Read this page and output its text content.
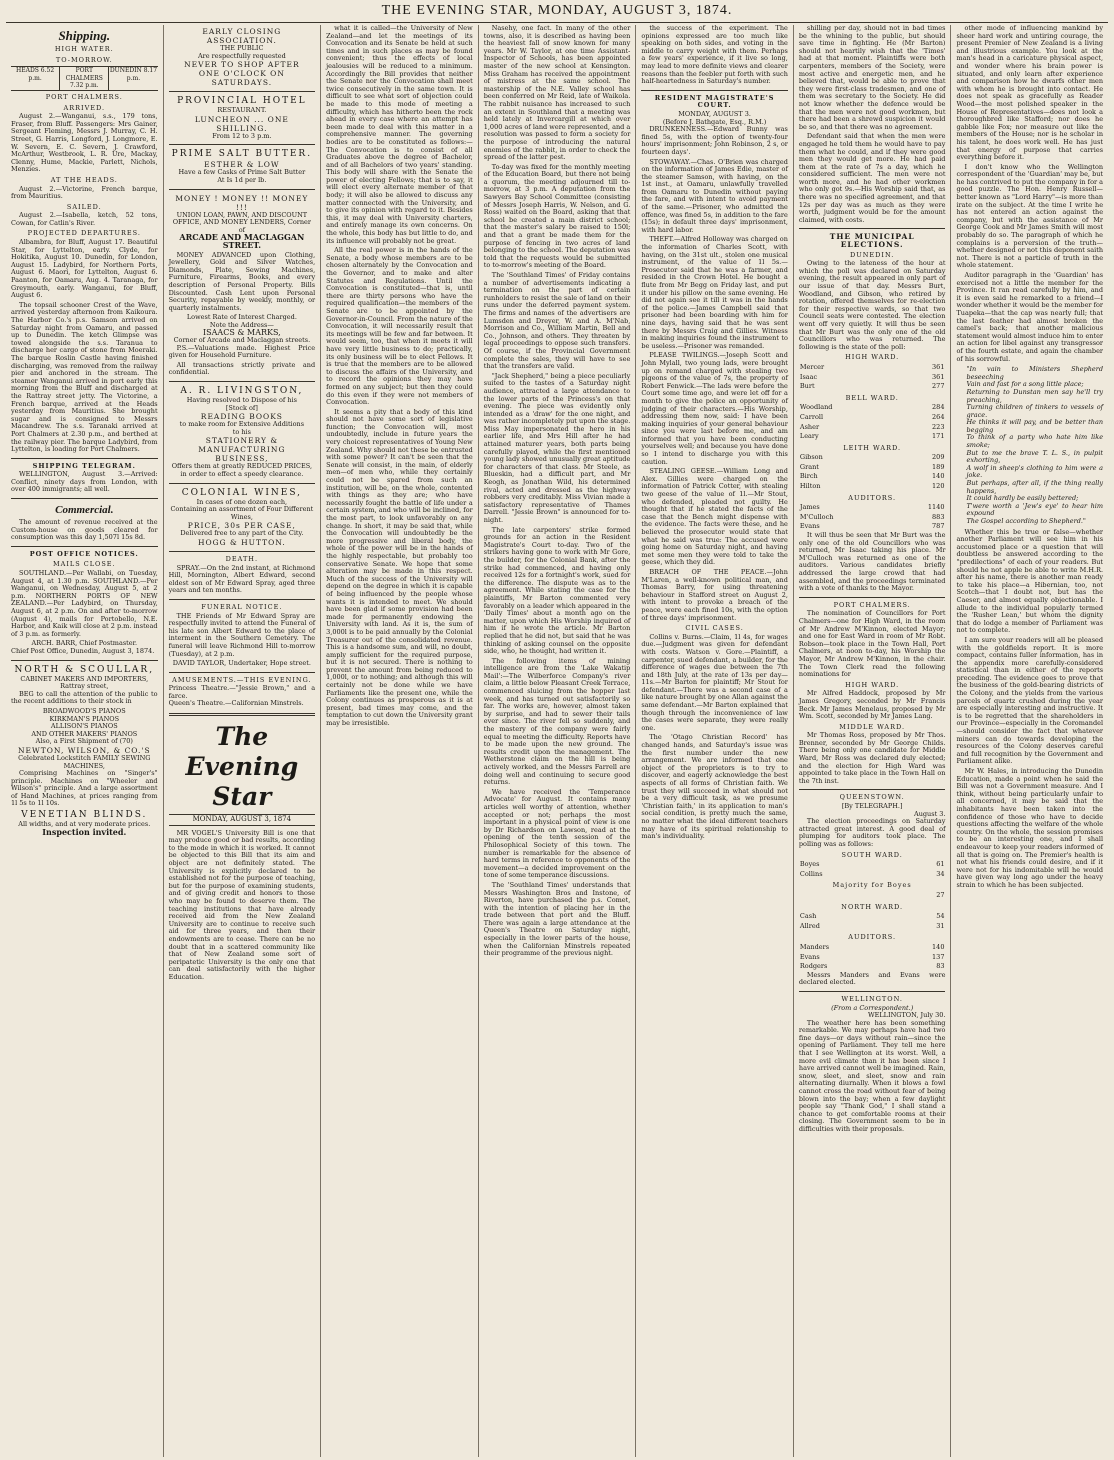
THE EVENING STAR, MONDAY, AUGUST 3, 1874.
Shipping.
HIGH WATER.
TO-MORROW.
HEADS 6.52 p.m.
PORT CHALMERS 7.32 p.m.
DUNEDIN 8.17 p.m.
PORT CHALMERS.
ARRIVED.

August 2.—Wanganui, s.s., 179 tons, Fraser, from Bluff. Passengers: Mrs Gainer, Sergeant Fleming, Messrs J. Murray, C. H. Street, G. Harris, Longford, J. Longmore, E. W. Severn, E. C. Severn, J. Crawford, McArthur, Westbrook, L. R. Ure, Mackay, Clenny, Hume, Mackie, Parlett, Nichols, Menzies.

AT THE HEADS.

August 2.—Victorine, French barque, from Mauritius.

SAILED.

August 2.—Isabella, ketch, 52 tons, Cowan, for Catlin's River.

PROJECTED DEPARTURES.

Albambra, for Bluff, August 17. Beautiful Star, for Lyttelton, early. Clyde, for Hokitika, August 10. Dunedin, for London, August 15. Ladybird, for Northern Ports, August 6. Maori, for Lyttelton, August 6. Paanton, for Oamaru, Aug. 4. Taranaga, for Greymouth, early. Wanganui, for Bluff, August 6.

The topsail schooner Crest of the Wave, arrived yesterday afternoon from Kaikoura. The Harbor Co.'s p.s. Samson arrived on Saturday night from Oamaru, and passed up to Dunedin. The ketch Glimpse was towed alongside the s.s. Taranua to discharge her cargo of stone from Moeraki. The barque Roslin Castle having finished discharging, was removed from the railway pier and anchored in the stream. The steamer Wanganui arrived in port early this morning from the Bluff and discharged at the Rattray street jetty. The Victorine, a French barque, arrived at the Heads yesterday from Mauritius. She brought sugar and is consigned to Messrs Macandrew. The s.s. Taranaki arrived at Port Chalmers at 2.30 p.m., and berthed at the railway pier. The barque Ladybird, from Lyttelton, is loading for Port Chalmers.

SHIPPING TELEGRAM.

WELLINGTON, August 3.—Arrived: Conflict, ninety days from London, with over 400 immigrants; all well.

Commercial.

The amount of revenue received at the Custom-house on goods cleared for consumption was this day 1,507l 15s 8d.

POST OFFICE NOTICES.
MAILS CLOSE.

SOUTHLAND.—Per Wallabi, on Tuesday, August 4, at 1.30 p.m. SOUTHLAND.—Per Wanganui, on Wednesday, August 5, at 2 p.m. NORTHERN PORTS OF NEW ZEALAND.—Per Ladybird, on Thursday, August 6, at 2 p.m. On and after to-morrow (August 4), mails for Portobello, N.E. Harbor, and Kaik will close at 2 p.m. instead of 3 p.m. as formerly.

ARCH. BARR, Chief Postmaster.
Chief Post Office, Dunedin, August 3, 1874.
NORTH & SCOULLAR,
CABINET MAKERS AND IMPORTERS, Rattray street,

BEG to call the attention of the public to the recent additions to their stock in

BROADWOOD'S PIANOS
KIRKMAN'S PIANOS
ALLISON'S PIANOS
AND OTHER MAKERS' PIANOS
Also, a First Shipment of (70)
NEWTON, WILSON, & CO.'S
Celebrated Lockstitch FAMILY SEWING MACHINES,

Comprising Machines on "Singer's" principle. Machines on "Wheeler and Wilson's" principle. And a large assortment of Hand Machines, at prices ranging from 1l 5s to 1l 10s.

VENETIAN BLINDS.
All widths, and at very moderate prices.
Inspection invited.
EARLY CLOSING ASSOCIATION.
THE PUBLIC
Are respectfully requested
NEVER TO SHOP AFTER
ONE O'CLOCK ON SATURDAYS.
PROVINCIAL HOTEL
RESTAURANT.
LUNCHEON ... ONE SHILLING.
From 12 to 3 p.m.
PRIME SALT BUTTER.
ESTHER & LOW
Have a few Casks of Prime Salt Butter
At Is 1d per lb.
MONEY ! MONEY !! MONEY !!!
UNION LOAN, PAWN, AND DISCOUNT OFFICE, AND MONEY LENDERS, Corner of
ARCADE AND MACLAGGAN STREET.

MONEY ADVANCED upon Clothing, Jewellery, Gold and Silver Watches, Diamonds, Plate, Sewing Machines, Furniture, Firearms, Books, and every description of Personal Property. Bills Discounted. Cash Lent upon Personal Security, repayable by weekly, monthly, or quarterly instalments.

Lowest Rate of Interest Charged.
Note the Address—
ISAACS & MARKS,
Corner of Arcade and Maclaggan streets.

P.S.—Valuations made. Highest Price given for Household Furniture.

All transactions strictly private and confidential.

A. R. LIVINGSTON,
Having resolved to Dispose of his
[Stock of]
READING BOOKS
to make room for Extensive Additions
to his
STATIONERY & MANUFACTURING
BUSINESS,
Offers them at greatly REDUCED PRICES,
in order to effect a speedy clearance.
COLONIAL WINES,
In cases of one dozen each,
Containing an assortment of Four Different Wines,
PRICE, 30s PER CASE,
Delivered free to any part of the City.
HOGG & HUTTON.
DEATH.

SPRAY.—On the 2nd instant, at Richmond Hill, Mornington, Albert Edward, second eldest son of Mr Edward Spray, aged three years and ten months.

FUNERAL NOTICE.

THE Friends of Mr Edward Spray are respectfully invited to attend the Funeral of his late son Albert Edward to the place of interment in the Southern Cemetery. The funeral will leave Richmond Hill to-morrow (Tuesday), at 2 p.m.

DAVID TAYLOR, Undertaker, Hope street.
AMUSEMENTS.—THIS EVENING.
Princess Theatre.—"Jessie Brown," and a farce.
Queen's Theatre.—Californian Minstrels.
The Evening Star
MONDAY, AUGUST 3, 1874

MR VOGEL'S University Bill is one that may produce good or bad results, according to the mode in which it is worked. It cannot be objected to this Bill that its aim and object are not definitely stated. The University is explicitly declared to be established not for the purpose of teaching, but for the purpose of examining students, and of giving credit and honors to those who may be found to deserve them. The teaching institutions that have already received aid from the New Zealand University are to continue to receive such aid for three years, and then their endowments are to cease. There can be no doubt that in a scattered community like that of New Zealand some sort of peripatetic University is the only one that can deal satisfactorily with the higher Education.

what it is called—the University of New Zealand—and let the meetings of its Convocation and its Senate be held at such times and in such places as may be found convenient; thus the effects of local jealousies will be reduced to a minimum. Accordingly the Bill provides that neither the Senate nor the Convocation shall meet twice consecutively in the same town. It is difficult to see what sort of objection could be made to this mode of meeting a difficulty, which has hitherto been the rock ahead in every case where an attempt has been made to deal with this matter in a comprehensive manner. The governing bodies are to be constituted as follows:—The Convocation is to consist of all Graduates above the degree of Bachelor, and of all Bachelors of two years' standing. This body will share with the Senate the power of electing Fellows; that is to say, it will elect every alternate member of that body; it will also be allowed to discuss any matter connected with the University, and to give its opinion with regard to it. Besides this, it may deal with University charters, and entirely manage its own concerns. On the whole, this body has but little to do, and its influence will probably not be great.

All the real power is in the hands of the Senate, a body whose members are to be chosen alternately by the Convocation and the Governor, and to make and alter Statutes and Regulations. Until the Convocation is constituted—that is, until there are thirty persons who have the required qualification—the members of the Senate are to be appointed by the Governor-in-Council. From the nature of the Convocation, it will necessarily result that its meetings will be few and far between. It would seem, too, that when it meets it will have very little business to do; practically, its only business will be to elect Fellows. It is true that the members are to be allowed to discuss the affairs of the University, and to record the opinions they may have formed on any subject; but then they could do this even if they were not members of Convocation.

It seems a pity that a body of this kind should not have some sort of legislative function; the Convocation will, most undoubtedly, include in future years the very choicest representatives of Young New Zealand. Why should not these be entrusted with some power? It can't be seen that the Senate will consist, in the main, of elderly men—of men who, while they certainly could not be spared from such an institution, will be, on the whole, contented with things as they are; who have necessarily fought the battle of life under a certain system, and who will be inclined, for the most part, to look unfavorably on any change. In short, it may be said that, while the Convocation will undoubtedly be the more progressive and liberal body, the whole of the power will be in the hands of the highly respectable, but probably too conservative Senate. We hope that some alteration may be made in this respect. Much of the success of the University will depend on the degree in which it is capable of being influenced by the people whose wants it is intended to meet. We should have been glad if some provision had been made for permanently endowing the University with land. As it is, the sum of 3,000l is to be paid annually by the Colonial Treasurer out of the consolidated revenue. This is a handsome sum, and will, no doubt, amply sufficient for the required purpose, but it is not secured. There is nothing to prevent the amount from being reduced to 1,000l, or to nothing; and although this will certainly not be done while we have Parliaments like the present one, while the Colony continues as prosperous as it is at present, bad times may come, and the temptation to cut down the University grant may be irresistible.

Nasehy, one fact. In many of the other towns, also, it is described as having been the heaviest fall of snow known for many years. Mr W. Taylor, at one time Assistant-Inspector of Schools, has been appointed master of the new school at Kensington. Miss Graham has received the appointment of mistress at the same school. The mastership of the N.E. Valley school has been conferred on Mr Reid, late of Waikola. The rabbit nuisance has increased to such an extent in Southland that a meeting was held lately at Invercargill at which over 1,000 acres of land were represented, and a resolution was passed to form a society for the purpose of introducing the natural enemies of the rabbit, in order to check the spread of the latter pest.

To-day was fixed for the monthly meeting of the Education Board, but there not being a quorum, the meeting adjourned till to-morrow, at 3 p.m. A deputation from the Sawyers Bay School Committee (consisting of Messrs Joseph Harris, W. Nelson, and G. Ross) waited on the Board, asking that that school be created a main district school; that the master's salary be raised to 150l; and that a grant be made them for the purpose of fencing in two acres of land belonging to the school. The deputation was told that the requests would be submitted to to-morrow's meeting of the Board.

The 'Southland Times' of Friday contains a number of advertisements indicating a termination on the part of certain runholders to resist the sale of land on their runs under the deferred payment system. The firms and names of the advertisers are Lumsden and Dreyer, W. and A. M'Nab, Morrison and Co., William Martin, Bell and Co., Johnson, and others. They threaten by legal proceedings to oppose such transfers. Of course, if the Provincial Government complete the sales, they will have to see that the transfers are valid.

"Jack Shepherd," being a piece peculiarly suited to the tastes of a Saturday night audience, attracted a large attendance to the lower parts of the Princess's on that evening. The piece was evidently only intended as a 'draw' for the one night, and was rather incompletely put upon the stage. Miss May impersonated the hero in his earlier life, and Mrs Hill after he had attained maturer years, both parts being carefully played, while the first mentioned young lady showed unusually great aptitude for characters of that class. Mr Steele, as Blueskin, had a difficult part, and Mr Keogh, as Jonathan Wild, his determined rival, acted and dressed as the highway robbers very creditably. Miss Vivian made a satisfactory representative of Thames Darrell. "Jessie Brown" is announced for to-night.

The late carpenters' strike formed grounds for an action in the Resident Magistrate's Court to-day. Two of the strikers having gone to work with Mr Gore, the builder, for the Colonial Bank, after the strike had commenced, and having only received 12s for a fortnight's work, sued for the difference. The dispute was as to the agreement. While stating the case for the plaintiffs, Mr Barton commented very favorably on a leader which appeared in the 'Daily Times' about a month ago on the matter, upon which His Worship inquired of him if he wrote the article. Mr Barton replied that he did not, but said that he was thinking of asking counsel on the opposite side, who, he thought, had written it.

The following items of mining intelligence are from the 'Lake Wakatip Mail':—The Wilberforce Company's river claim, a little below Pleasant Creek Terrace, commenced sluicing from the hopper last week, and has turned out satisfactorily so far. The works are, however, almost taken by surprise, and had to sewer their tails ever since. The river fell so suddenly, and the mastery of the company were fairly equal to meeting the difficulty. Reports have to be made upon the new ground. The results credit upon the management. The Wetherstone claim on the hill is being actively worked, and the Messrs Farrell are doing well and continuing to secure good returns.

We have received the 'Temperance Advocate' for August. It contains many articles well worthy of attention, whether accepted or not; perhaps the most important in a physical point of view is one by Dr Richardson on Lawson, read at the opening of the tenth session of the Philosophical Society of this town. The number is remarkable for the absence of hard terms in reference to opponents of the movement—a decided improvement on the tone of some temperance discussions.

The 'Southland Times' understands that Messrs Washington Bros and Instone, of Riverton, have purchased the p.s. Comet, with the intention of placing her in the trade between that port and the Bluff. There was again a large attendance at the Queen's Theatre on Saturday night, especially in the lower parts of the house, when the Californian Minstrels repeated their programme of the previous night.

the success of the experiment. The opinions expressed are too much like speaking on both sides, and voting in the middle to carry weight with them. Perhaps a few years' experience, if it live so long, may lead to more definite views and clearer reasons than the feebler put forth with such half-heartedness in Saturday's number.

RESIDENT MAGISTRATE'S COURT.
MONDAY, AUGUST 3.
(Before J. Bathgate, Esq., R.M.)

DRUNKENNESS.—Edward Bunny was fined 5s, with the option of twenty-four hours' imprisonment; John Robinson, 2 s, or fourteen days'.

STOWAWAY.—Chas. O'Brien was charged on the information of James Edie, master of the steamer Samson, with having, on the 1st inst., at Oamaru, unlawfully travelled from Oamaru to Dunedin without paying the fare, and with intent to avoid payment of the same.—Prisoner, who admitted the offence, was fined 5s, in addition to the fare (15s); in default three days' imprisonment, with hard labor.

THEFT.—Alfred Holloway was charged on the information of Charles Scott, with having, on the 31st ult., stolen one musical instrument, of the value of 1l 5s.—Prosecutor said that he was a farmer, and resided in the Crown Hotel. He bought a flute from Mr Begg on Friday last, and put it under his pillow on the same evening. He did not again see it till it was in the hands of the police.—James Campbell said that prisoner had been boarding with him for nine days, having said that he was sent there by Messrs Craig and Gillies. Witness in making inquiries found the instrument to be useless.—Prisoner was remanded.

PLEASE TWILINGS.—Joseph Scott and John Mylall, two young lads, were brought up on remand charged with stealing two pigeons of the value of 7s, the property of Robert Fenwick.—The lads were before the Court some time ago, and were let off for a month to give the police an opportunity of judging of their characters.—His Worship, addressing them now, said: I have been making inquiries of your general behaviour since you were last before me, and am informed that you have been conducting yourselves well; and because you have done so I intend to discharge you with this caution.

STEALING GEESE.—William Long and Alex. Gillies were charged on the information of Patrick Cotter, with stealing two geese of the value of 1l.—Mr Stout, who defended, pleaded not guilty. He thought that if he stated the facts of the case that the Bench might dispense with the evidence. The facts were these, and he believed the prosecutor would state that what he said was true: The accused were going home on Saturday night, and having met some men they were told to take the geese, which they did.

BREACH OF THE PEACE.—John M'Laren, a well-known political man, and Thomas Barry, for using threatening behaviour in Stafford street on August 2, with intent to provoke a breach of the peace, were each fined 10s, with the option of three days' imprisonment.

CIVIL CASES.

Collins v. Burns.—Claim, 1l 4s, for wages due.—Judgment was given for defendant with costs. Watson v. Gore.—Plaintiff, a carpenter, sued defendant, a builder, for the difference of wages due between the 7th and 18th July, at the rate of 13s per day—11s.—Mr Barton for plaintiff; Mr Stout for defendant.—There was a second case of a like nature brought by one Allan against the same defendant.—Mr Barton explained that though through the inconvenience of law the cases were separate, they were really one.

The 'Otago Christian Record' has changed hands, and Saturday's issue was the first number under the new arrangement. We are informed that one object of the proprietors is to try to discover, and eagerly acknowledge the best aspects of all forms of Christian faith. We trust they will succeed in what should not be a very difficult task, as we presume 'Christian faith,' in its application to man's social condition, is pretty much the same, no matter what the ideal different teachers may have of its spiritual relationship to man's individuality.

shilling per day, should not in bad times be the whining to the public, but should save time in fighting. He (Mr Barton) should not heartily wish that the 'Times' had at that moment. Plaintiffs were both carpenters, members of the Society, were most active and energetic men, and he believed that, would be able to prove that they were first-class tradesmen, and one of them was secretary to the Society. He did not know whether the defence would be that the men were not good workmen, but there had been a shrewd suspicion it would be so, and that there was no agreement.

Defendant said that when the men were engaged he told them he would have to pay them what he could, and if they were good men they would get more. He had paid them at the rate of 7s a day, which he considered sufficient. The men were not worth more, and he had other workmen who only got 9s.—His Worship said that, as there was no specified agreement, and that 12s per day was as much as they were worth, judgment would be for the amount claimed, with costs.

THE MUNICIPAL ELECTIONS.
DUNEDIN.

Owing to the lateness of the hour at which the poll was declared on Saturday evening, the result appeared in only part of our issue of that day. Messrs Burt, Woodland, and Gibson, who retired by rotation, offered themselves for re-election for their respective wards, so that two Council seats were contested. The election went off very quietly. It will thus be seen that Mr Burt was the only one of the old Councillors who was returned. The following is the state of the poll:

HIGH WARD.
Mercer	361
Isaac	361
Burt	277
BELL WARD.
Woodland	284
Carroll	264
Asher	223
Leary	171
LEITH WARD.
Gibson	209
Grant	189
Birch	140
Hilton	120
AUDITORS.
James	1140
M'Culloch	883
Evans	787

It will thus be seen that Mr Burt was the only one of the old Councillors who was returned, Mr Isaac taking his place. Mr M'Culloch was returned as one of the auditors. Various candidates briefly addressed the large crowd that had assembled, and the proceedings terminated with a vote of thanks to the Mayor.

PORT CHALMERS.

The nomination of Councillors for Port Chalmers—one for High Ward, in the room of Mr Andrew M'Kinnon, elected Mayor; and one for East Ward in room of Mr Robt. Robson—took place in the Town Hall, Port Chalmers, at noon to-day, his Worship the Mayor, Mr Andrew M'Kinnon, in the chair. The Town Clerk read the following nominations for

HIGH WARD.

Mr Alfred Haddock, proposed by Mr James Gregory, seconded by Mr Francis Beck. Mr James Menelaus, proposed by Mr Wm. Scott, seconded by Mr James Lang.

MIDDLE WARD.

Mr Thomas Ross, proposed by Mr Thos. Brenner, seconded by Mr George Childs. There being only one candidate for Middle Ward, Mr Ross was declared duly elected; and the election for High Ward was appointed to take place in the Town Hall on the 7th inst.

QUEENSTOWN.
[By TELEGRAPH.]
August 3.

The election proceedings on Saturday attracted great interest. A good deal of plumping for auditors took place. The polling was as follows:

SOUTH WARD.
Boyes	61
Collins	34
Majority for Boyes
	27
NORTH WARD.
Cash	54
Allred	31
AUDITORS.
Manders	140
Evans	137
Rodgers	83

Messrs Manders and Evans were declared elected.

WELLINGTON.
(From a Correspondent.)
WELLINGTON, July 30.

The weather here has been something remarkable. We may perhaps have had two fine days—or days without rain—since the opening of Parliament. They tell me here that I see Wellington at its worst. Well, a more evil climate than it has been since I have arrived cannot well be imagined. Rain, snow, sleet, and sleet, snow and rain alternating diurnally. When it blows a fowl cannot cross the road without fear of being blown into the bay; when a few daylight people say "Thank God," I shall stand a chance to get comfortable rooms at their closing. The Government seem to be in difficulties with their proposals.

other mode of influencing mankind by sheer hard work and untiring courage, the present Premier of New Zealand is a living and illustrious example. You look at the man's head in a caricature physical aspect, and wonder where his brain power is situated, and only learn after experience and comparison how he dwarfs other men with whom he is brought into contact. He does not speak as gracefully as Reader Wood—the most polished speaker in the House of Representatives—does not look a thoroughbred like Stafford; nor does he gabble like Fox; nor measure out like the members of the House; nor is he scholar in his talent, he does work well. He has just that energy of purpose that carries everything before it.

I don't know who the Wellington correspondent of the 'Guardian' may be, but he has contrived to put the company in for a good puzzle. The Hon. Henry Russell—better known as "Lord Harry"—is more than irate on the subject. At the time I write he has not entered an action against the company, but with the assistance of Mr George Cook and Mr James Smith will most probably do so. The paragraph of which he complains is a perversion of the truth—whether designed or not this deponent saith not. There is not a particle of truth in the whole statement.

Auditor paragraph in the 'Guardian' has exercised not a little the member for the Province. It ran read carefully by him, and it is even said he remarked to a friend—I wonder whether it would be the member for Tuapeka—that the cap was nearly full; that the last feather had almost broken the camel's back; that another malicious statement would almost induce him to enter an action for libel against any transgressor of the fourth estate, and again the chamber of his sorrowful.

"In vain to Ministers Shepherd beseeching
Vain and fast for a song little place;
Returning to Dunstan men say he'll try preaching,
Turning children of tinkers to vessels of grace.
He thinks it will pay, and be better than begging
To think of a party who hate him like smoke;
But to me the brave T. L. S., in pulpit exhorting,
A wolf in sheep's clothing to him were a joke.
But perhaps, after all, if the thing really happens,
It could hardly be easily bettered;
T'were worth a 'Jew's eye' to hear him expound
The Gospel according to Shepherd."

Whether this be true or false—whether another Parliament will see him in his accustomed place or a question that will doubtless be answered according to the "predilections" of each of your readers. But should he not apple be able to write M.H.R. after his name, there is another man ready to take his place—a Hibernian, too, not Scotch—that I doubt not, but has the Caeser, and almost equally objectionable. I allude to the individual popularly termed the 'Rusher Lean,' but whom the dignity that do lodge a member of Parliament was not to complete.

I am sure your readers will all be pleased with the goldfields report. It is more compact, contains fuller information, has in the appendix more carefully-considered statistical than in either of the reports preceding. The evidence goes to prove that the business of the gold-bearing districts of the Colony, and the yields from the various parcels of quartz crushed during the year are especially interesting and instructive. It is to be regretted that the shareholders in our Province—especially in the Coromandel—should consider the fact that whatever miners can do towards developing the resources of the Colony deserves careful and full recognition by the Government and Parliament alike.

Mr W. Hales, in introducing the Dunedin Education, made a point when he said the Bill was not a Government measure. And I think, without being particularly unfair to all concerned, it may be said that the inhabitants have been taken into the confidence of those who have to decide questions affecting the welfare of the whole country. On the whole, the session promises to be an interesting one, and I shall endeavour to keep your readers informed of all that is going on. The Premier's health is not what his friends could desire, and if it were not for his indomitable will he would have given way long ago under the heavy strain to which he has been subjected.
